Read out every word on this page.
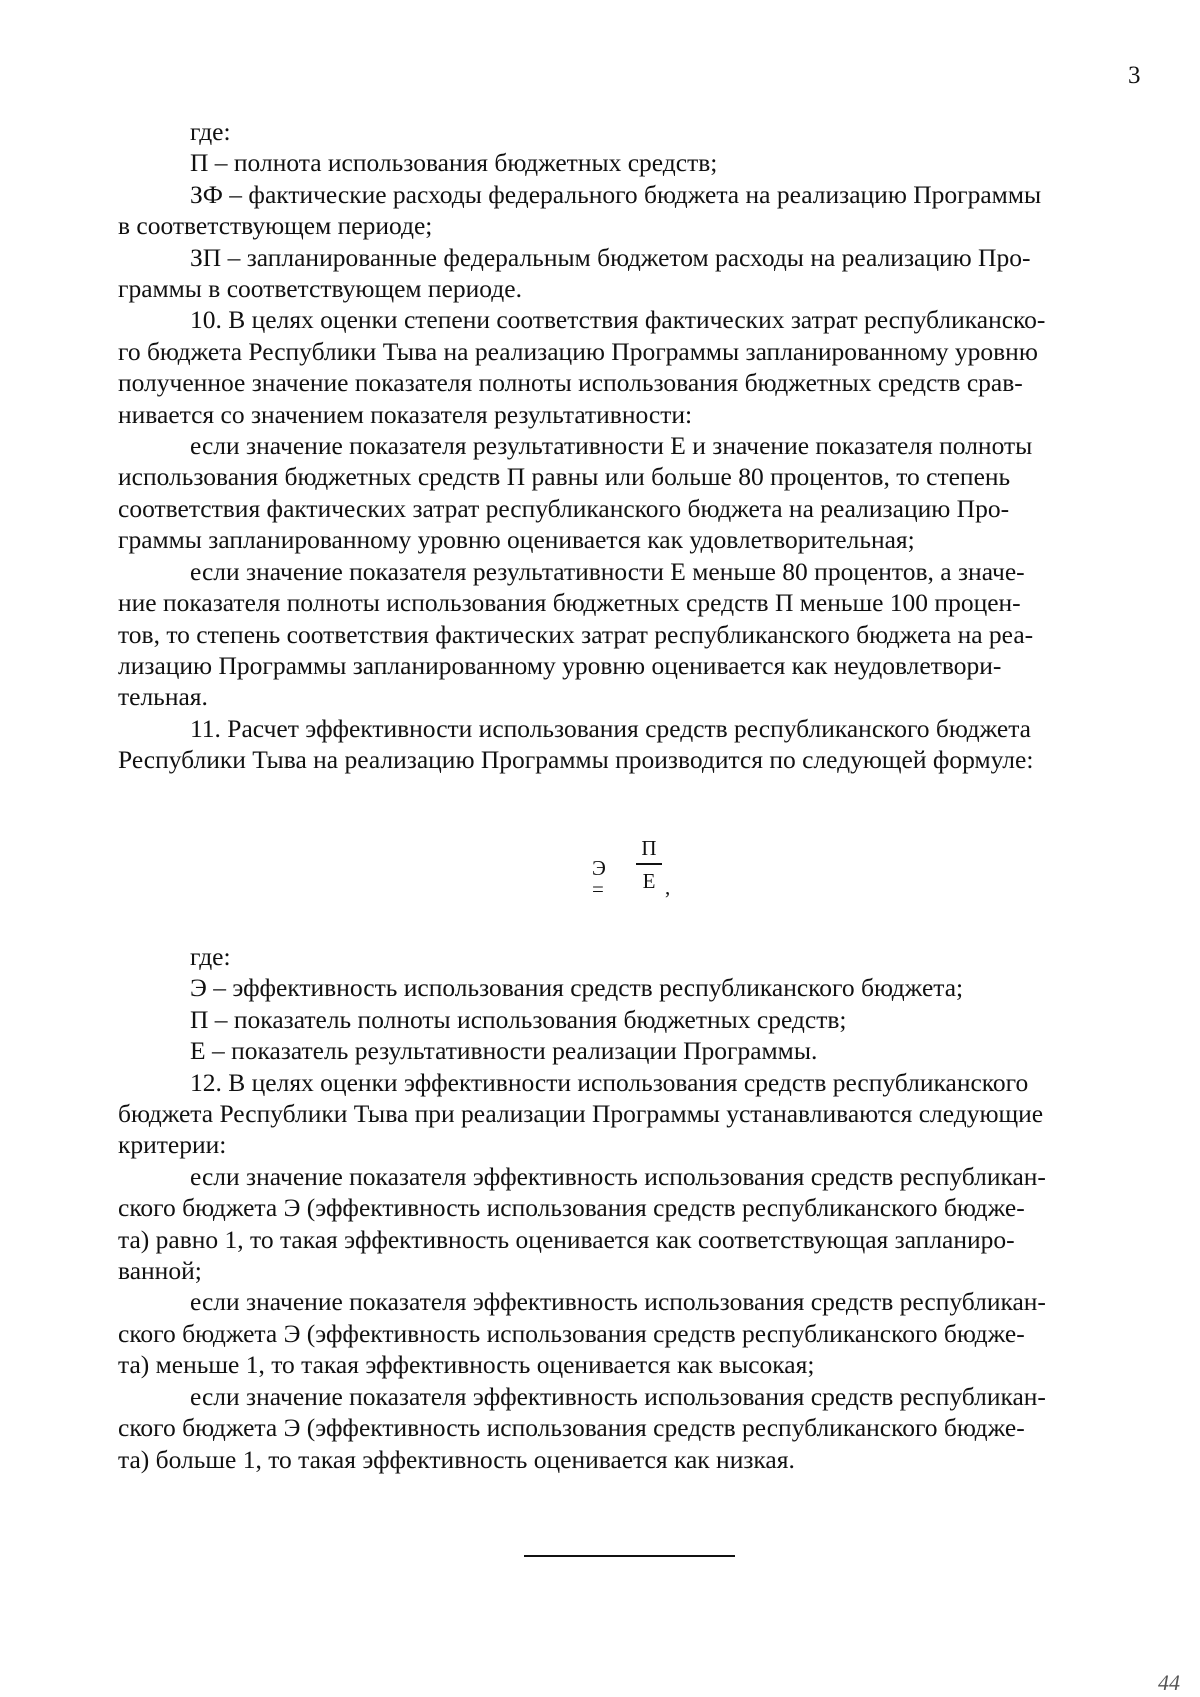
3

где:

П – полнота использования бюджетных средств;

ЗФ – фактические расходы федерального бюджета на реализацию Программы
в соответствующем периоде;

ЗП – запланированные федеральным бюджетом расходы на реализацию Про-
граммы в соответствующем периоде.

10. В целях оценки степени соответствия фактических затрат республиканско-
го бюджета Республики Тыва на реализацию Программы запланированному уровню
полученное значение показателя полноты использования бюджетных средств срав-
нивается со значением показателя результативности:

если значение показателя результативности Е и значение показателя полноты
использования бюджетных средств П равны или больше 80 процентов, то степень
соответствия фактических затрат республиканского бюджета на реализацию Про-
граммы запланированному уровню оценивается как удовлетворительная;

если значение показателя результативности Е меньше 80 процентов, а значе-
ние показателя полноты использования бюджетных средств П меньше 100 процен-
тов, то степень соответствия фактических затрат республиканского бюджета на реа-
лизацию Программы запланированному уровню оценивается как неудовлетвори-
тельная.

11. Расчет эффективности использования средств республиканского бюджета
Республики Тыва на реализацию Программы производится по следующей формуле:

Э =
П
Е ,

где:

Э – эффективность использования средств республиканского бюджета;

П – показатель полноты использования бюджетных средств;

Е – показатель результативности реализации Программы.

12. В целях оценки эффективности использования средств республиканского
бюджета Республики Тыва при реализации Программы устанавливаются следующие
критерии:

если значение показателя эффективность использования средств республикан-
ского бюджета Э (эффективность использования средств республиканского бюдже-
та) равно 1, то такая эффективность оценивается как соответствующая запланиро-
ванной;

если значение показателя эффективность использования средств республикан-
ского бюджета Э (эффективность использования средств республиканского бюдже-
та) меньше 1, то такая эффективность оценивается как высокая;

если значение показателя эффективность использования средств республикан-
ского бюджета Э (эффективность использования средств республиканского бюдже-
та) больше 1, то такая эффективность оценивается как низкая.

44
